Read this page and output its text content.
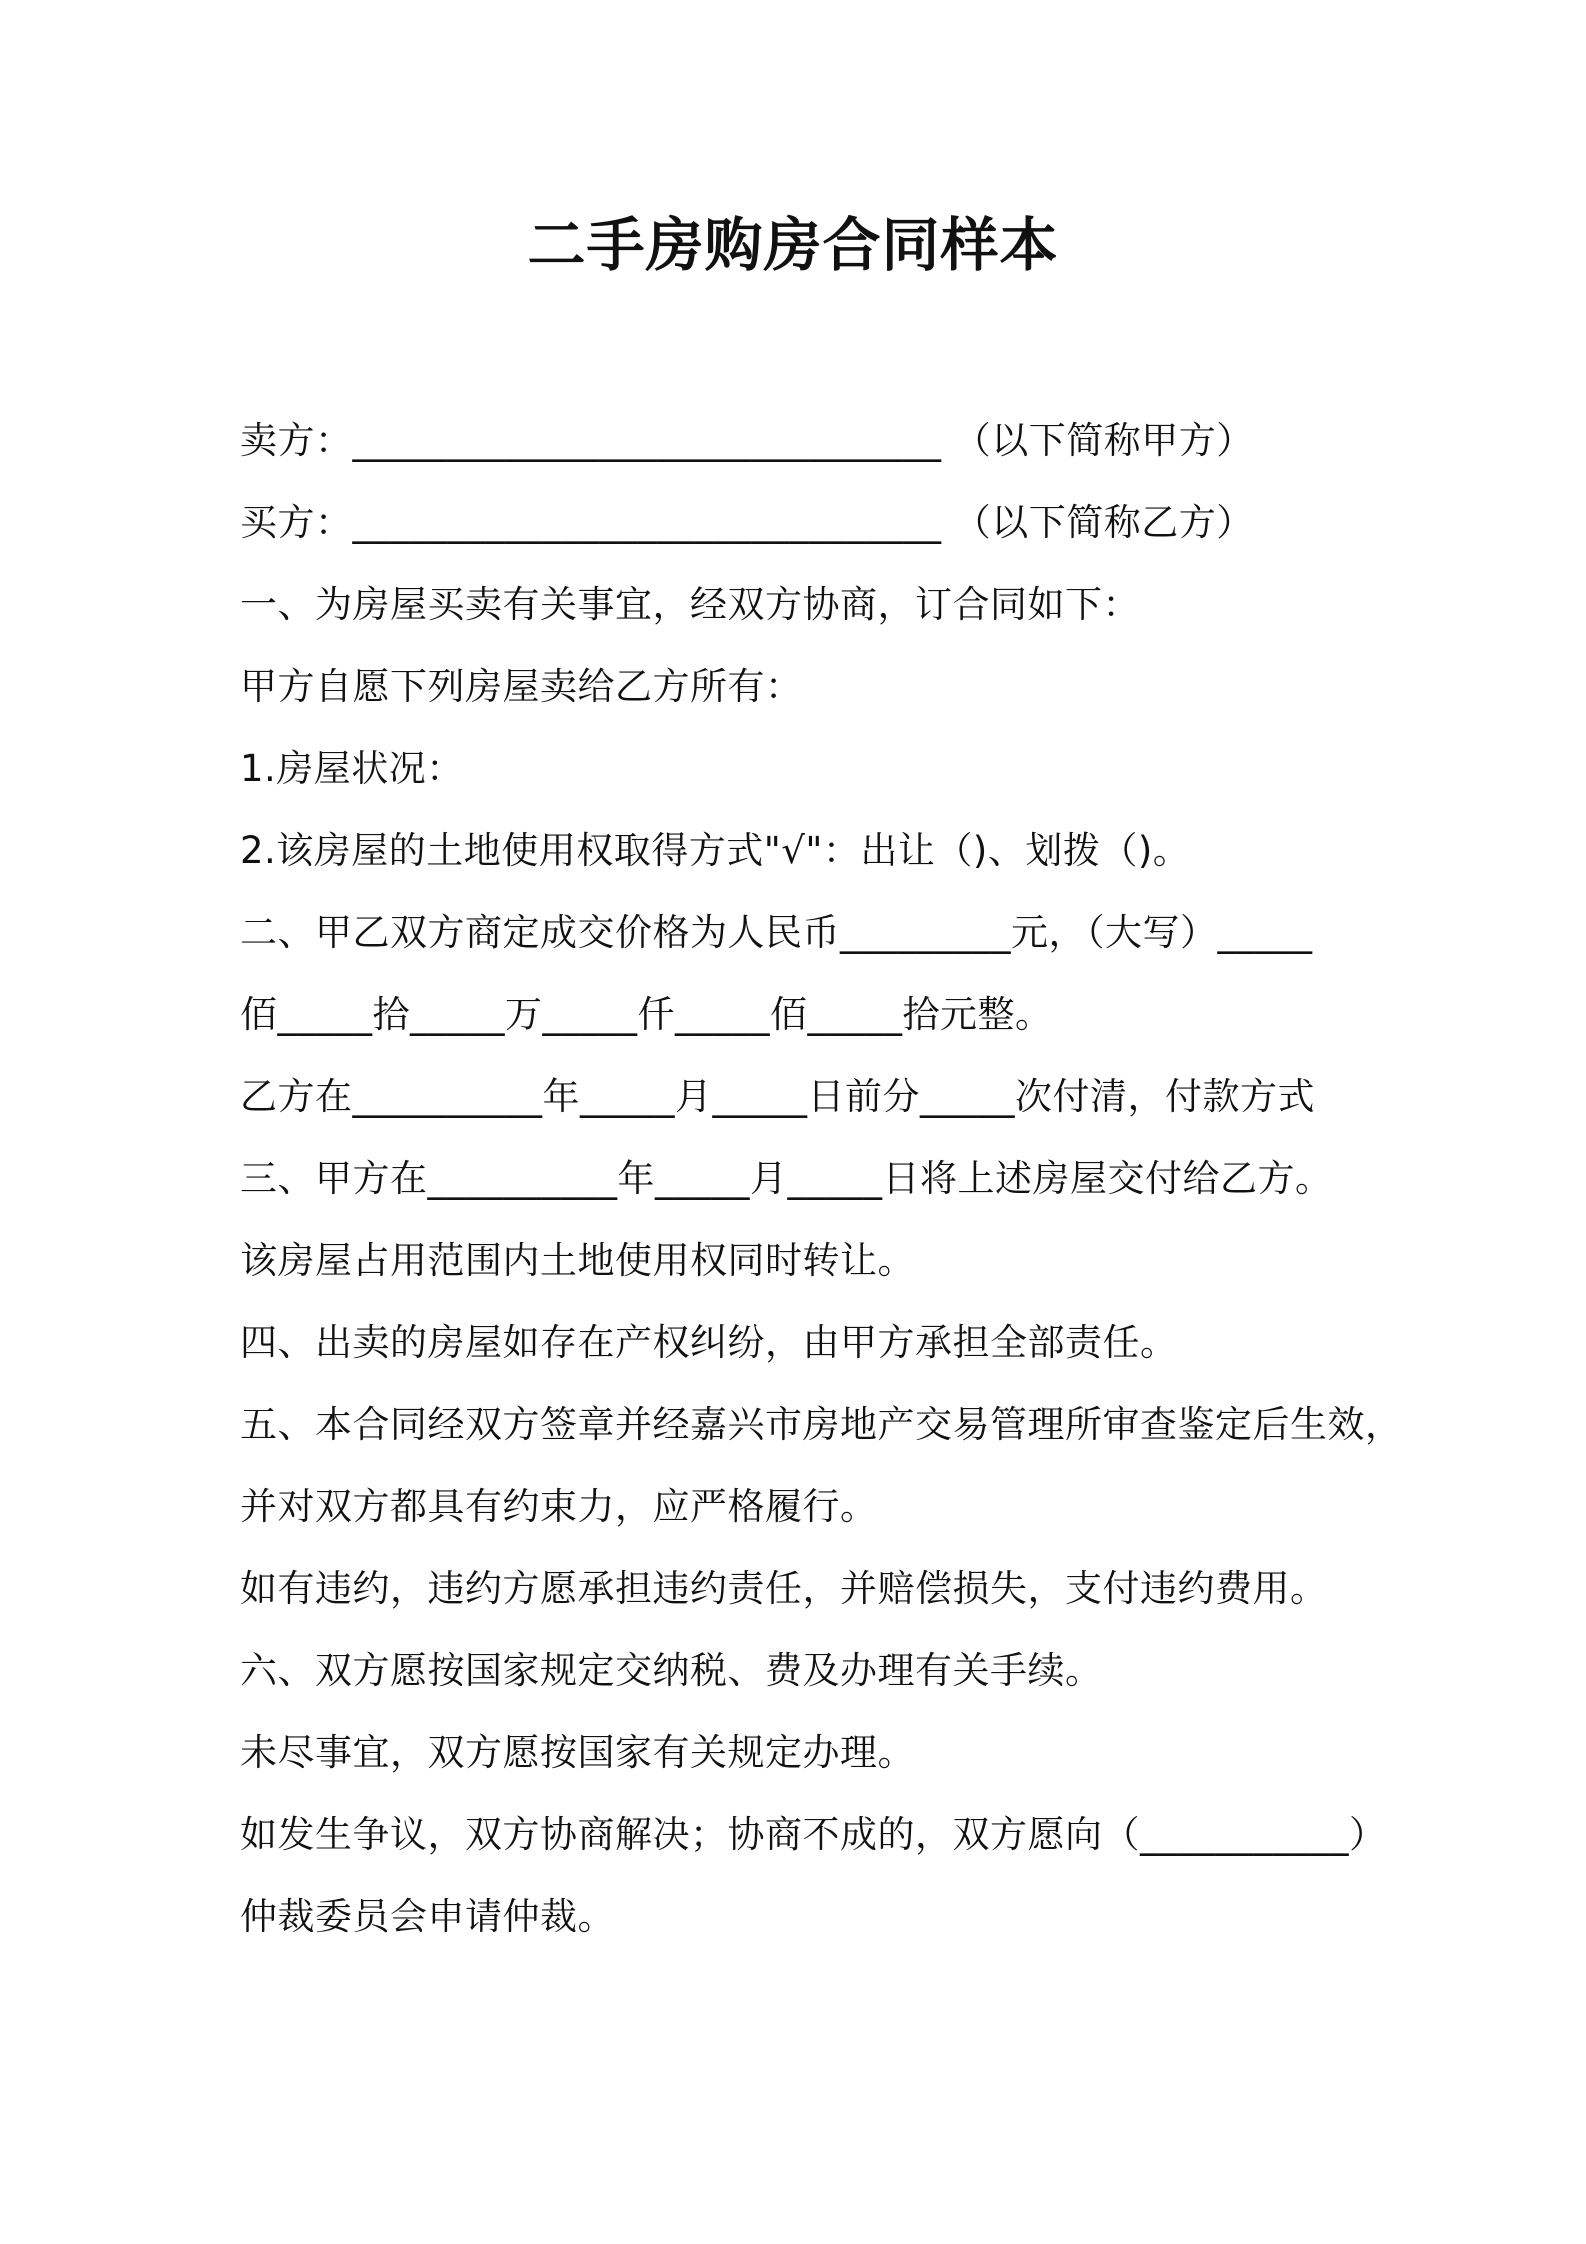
二手房购房合同样本
卖方：_______________________________ （以下简称甲方）
买方：_______________________________ （以下简称乙方）
一、为房屋买卖有关事宜，经双方协商，订合同如下：
甲方自愿下列房屋卖给乙方所有：
1.房屋状况：
2.该房屋的土地使用权取得方式"√"：出让（)、划拨（)。
二、甲乙双方商定成交价格为人民币_________元，（大写）_____
佰_____拾_____万_____仟_____佰_____拾元整。
乙方在__________年_____月_____日前分_____次付清，付款方式
三、甲方在__________年_____月_____日将上述房屋交付给乙方。
该房屋占用范围内土地使用权同时转让。
四、出卖的房屋如存在产权纠纷，由甲方承担全部责任。
五、本合同经双方签章并经嘉兴市房地产交易管理所审查鉴定后生效，
并对双方都具有约束力，应严格履行。
如有违约，违约方愿承担违约责任，并赔偿损失，支付违约费用。
六、双方愿按国家规定交纳税、费及办理有关手续。
未尽事宜，双方愿按国家有关规定办理。
如发生争议，双方协商解决；协商不成的，双方愿向（___________）
仲裁委员会申请仲裁。
